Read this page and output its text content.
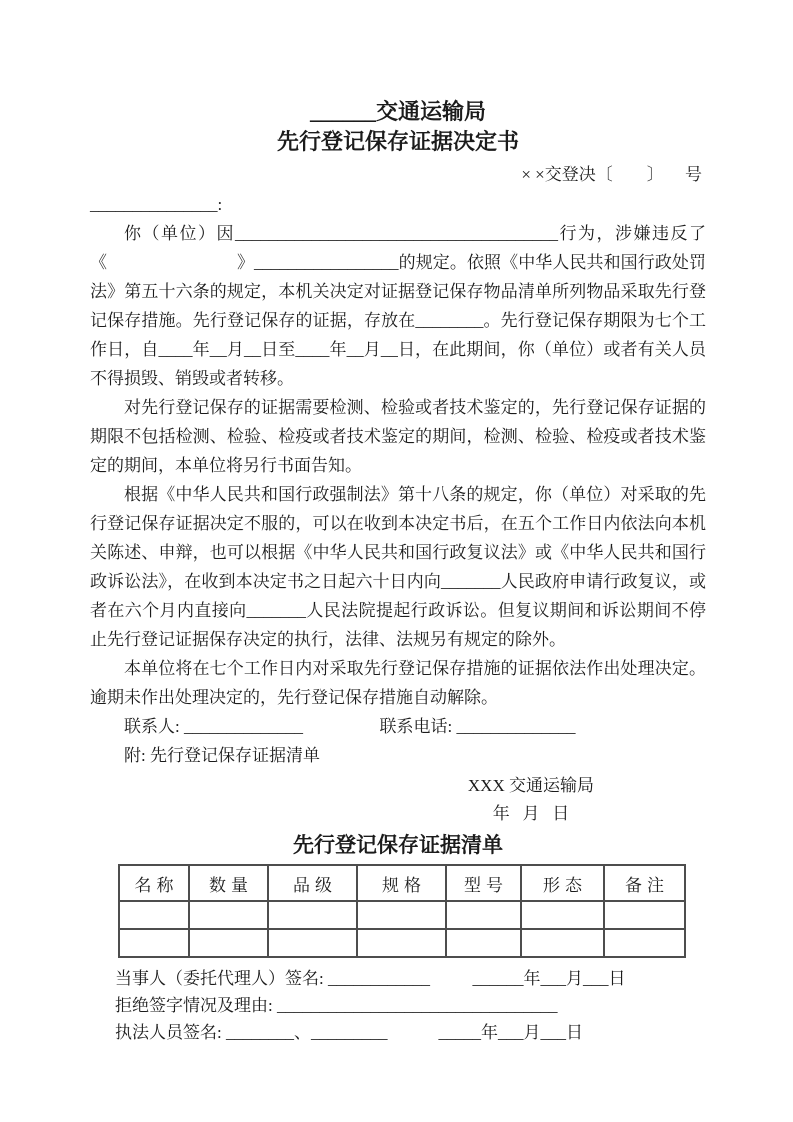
______交通运输局
先行登记保存证据决定书
× ×交登决〔        〕     号
_______________:

你（单位）因______________________________________行为，涉嫌违反了《                              》_________________的规定。依照《中华人民共和国行政处罚法》第五十六条的规定，本机关决定对证据登记保存物品清单所列物品采取先行登记保存措施。先行登记保存的证据，存放在________。先行登记保存期限为七个工作日，自____年__月__日至____年__月__日，在此期间，你（单位）或者有关人员不得损毁、销毁或者转移。

对先行登记保存的证据需要检测、检验或者技术鉴定的，先行登记保存证据的期限不包括检测、检验、检疫或者技术鉴定的期间，检测、检验、检疫或者技术鉴定的期间，本单位将另行书面告知。

根据《中华人民共和国行政强制法》第十八条的规定，你（单位）对采取的先行登记保存证据决定不服的，可以在收到本决定书后，在五个工作日内依法向本机关陈述、申辩，也可以根据《中华人民共和国行政复议法》或《中华人民共和国行政诉讼法》，在收到本决定书之日起六十日内向_______人民政府申请行政复议，或者在六个月内直接向_______人民法院提起行政诉讼。但复议期间和诉讼期间不停止先行登记证据保存决定的执行，法律、法规另有规定的除外。

本单位将在七个工作日内对采取先行登记保存措施的证据依法作出处理决定。逾期未作出处理决定的，先行登记保存措施自动解除。

联系人: ______________                  联系电话: ______________
附: 先行登记保存证据清单
XXX 交通运输局
年   月   日
先行登记保存证据清单
名称	数量	品级	规格	型号	形态	备注

当事人（委托代理人）签名: ____________          ______年___月___日
拒绝签字情况及理由: _________________________________
执法人员签名: ________、_________            _____年___月___日
